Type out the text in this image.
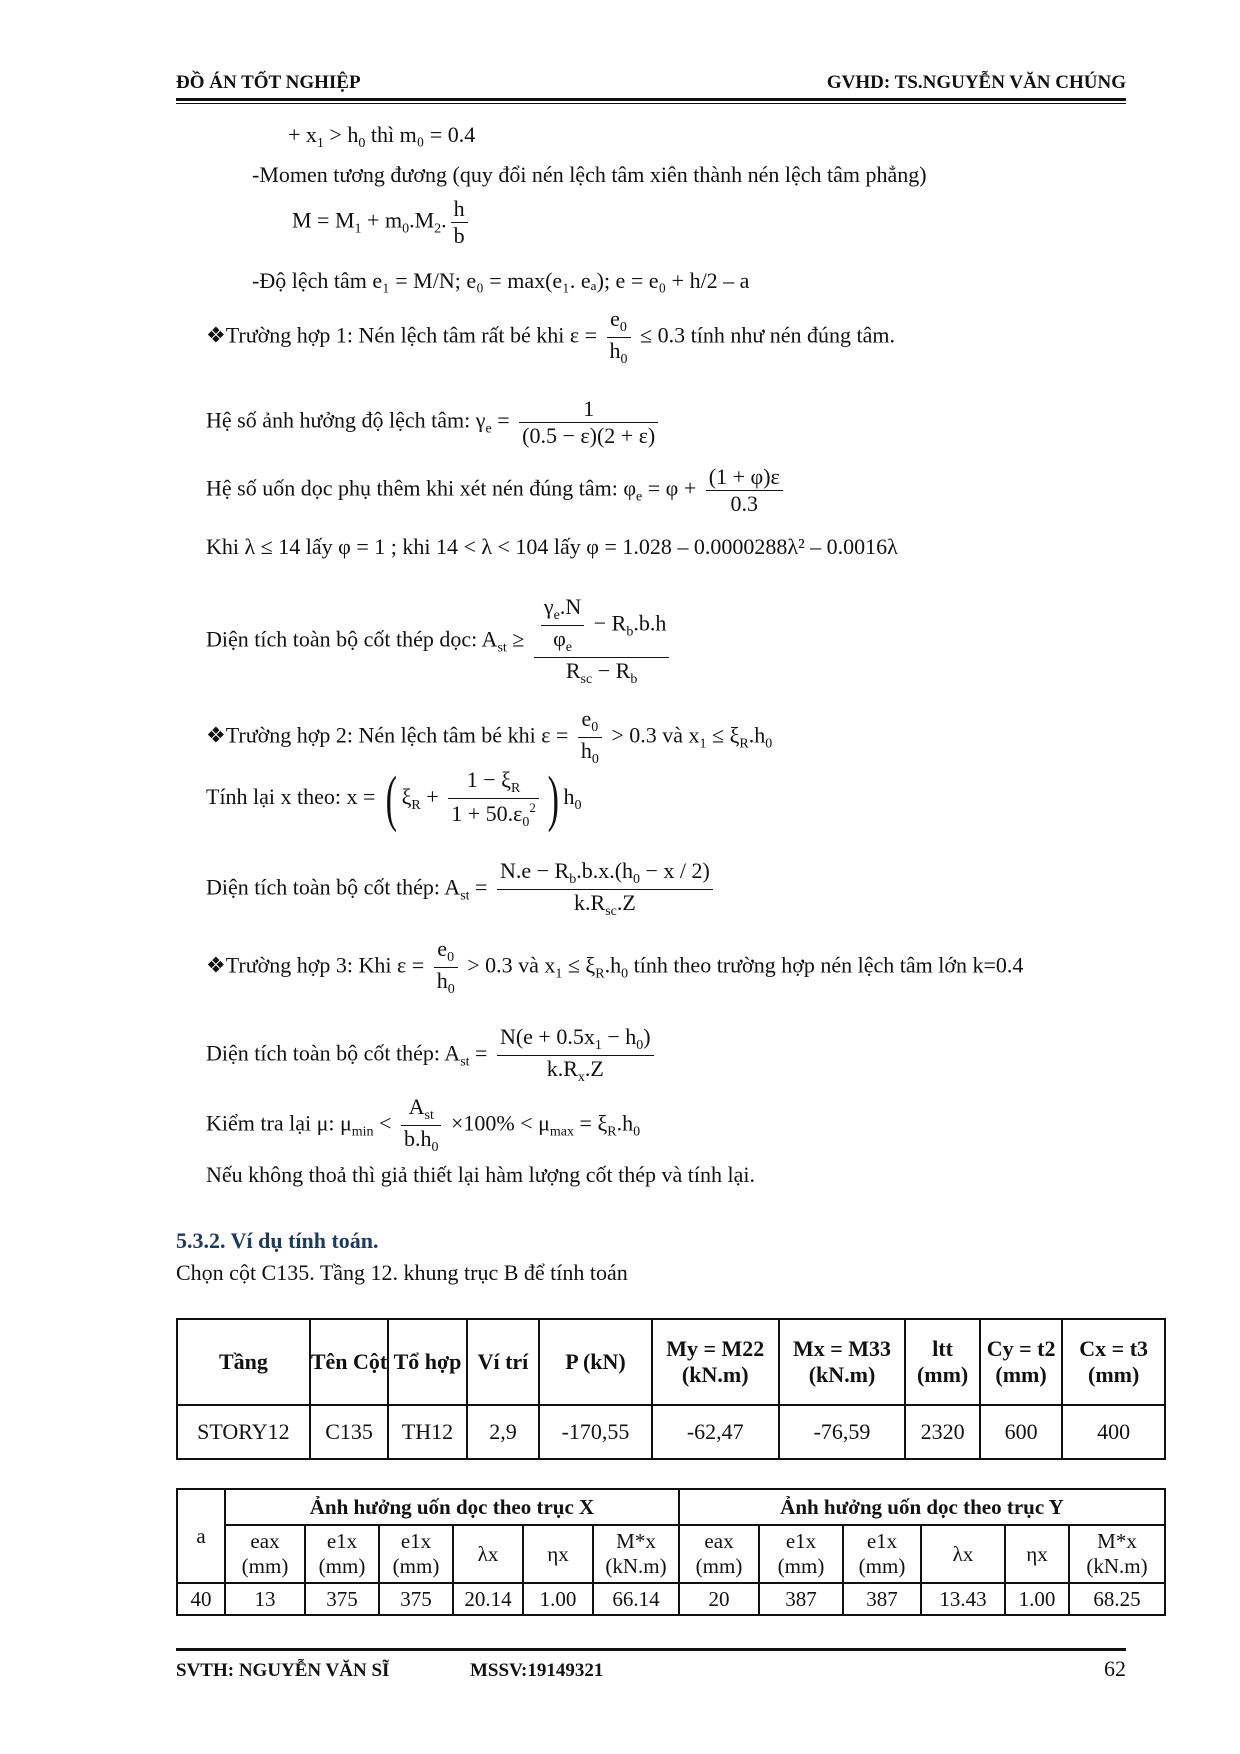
ĐỒ ÁN TỐT NGHIỆP	GVHD: TS.NGUYỄN VĂN CHÚNG
+ $x_1 > h_0$ thì m₀ = 0.4
-Momen tương đương (quy đổi nén lệch tâm xiên thành nén lệch tâm phẳng)
$M = M_1 + m_0.M_2$. $\frac{h}{b}$
-Độ lệch tâm e₁ = M/N; e₀ = max(e₁. eₐ); e = e₀ + h/2 – a
❖Trường hợp 1: Nén lệch tâm rất bé khi $\varepsilon = \frac{e_0}{h_0} \le 0.3$ tính như nén đúng tâm.
Hệ số ảnh hưởng độ lệch tâm: $\gamma_e = \frac{1}{(0.5 - \varepsilon)(2 + \varepsilon)}$
Hệ số uốn dọc phụ thêm khi xét nén đúng tâm: $\varphi_e = \varphi + \frac{(1 + \varphi)\varepsilon}{0.3}$
Khi λ ≤ 14 lấy φ = 1 ; khi 14 < λ < 104 lấy φ = 1.028 – 0.0000288λ² – 0.0016λ
Diện tích toàn bộ cốt thép dọc: $A_{st} \ge \frac{\frac{\gamma_e.N}{\varphi_e} - R_b.b.h}{R_{sc} - R_b}$
❖Trường hợp 2: Nén lệch tâm bé khi $\varepsilon = \frac{e_0}{h_0} > 0.3$ và $x_1 \le \xi_R.h_0$
Tính lại x theo: x = ( $\xi_R + \frac{1 - \xi_R}{1 + 50.\varepsilon_0^2}$ ) $h_0$
Diện tích toàn bộ cốt thép: $A_{st} = \frac{N.e - R_b.b.x.(h_0 - x / 2)}{k.R_{sc}.Z}$
❖Trường hợp 3: Khi $\varepsilon = \frac{e_0}{h_0} > 0.3$ và $x_1 \le \xi_R.h_0$ tính theo trường hợp nén lệch tâm lớn k=0.4
Diện tích toàn bộ cốt thép: $A_{st} = \frac{N(e + 0.5x_1 - h_0)}{k.R_x.Z}$
Kiểm tra lại μ: $\mu_{min} < \frac{A_{st}}{b.h_0} \times 100\% < \mu_{max} = \xi_R.h_0$
Nếu không thoả thì giả thiết lại hàm lượng cốt thép và tính lại.
5.3.2. Ví dụ tính toán.
Chọn cột C135. Tầng 12. khung trục B để tính toán
Tầng	Tên Cột	Tổ hợp	Ví trí	P (kN)	My = M22 (kN.m)	Mx = M33 (kN.m)	ltt (mm)	Cy = t2 (mm)	Cx = t3 (mm)
STORY12	C135	TH12	2,9	-170,55	-62,47	-76,59	2320	600	400
a	Ảnh hưởng uốn dọc theo trục X						Ảnh hưởng uốn dọc theo trục Y					
	eax (mm)	e1x (mm)	e1x (mm)	λx	ηx	M*x (kN.m)	eax (mm)	e1x (mm)	e1x (mm)	λx	ηx	M*x (kN.m)
40	13	375	375	20.14	1.00	66.14	20	387	387	13.43	1.00	68.25
SVTH: NGUYỄN VĂN SĨ	MSSV:19149321	62
